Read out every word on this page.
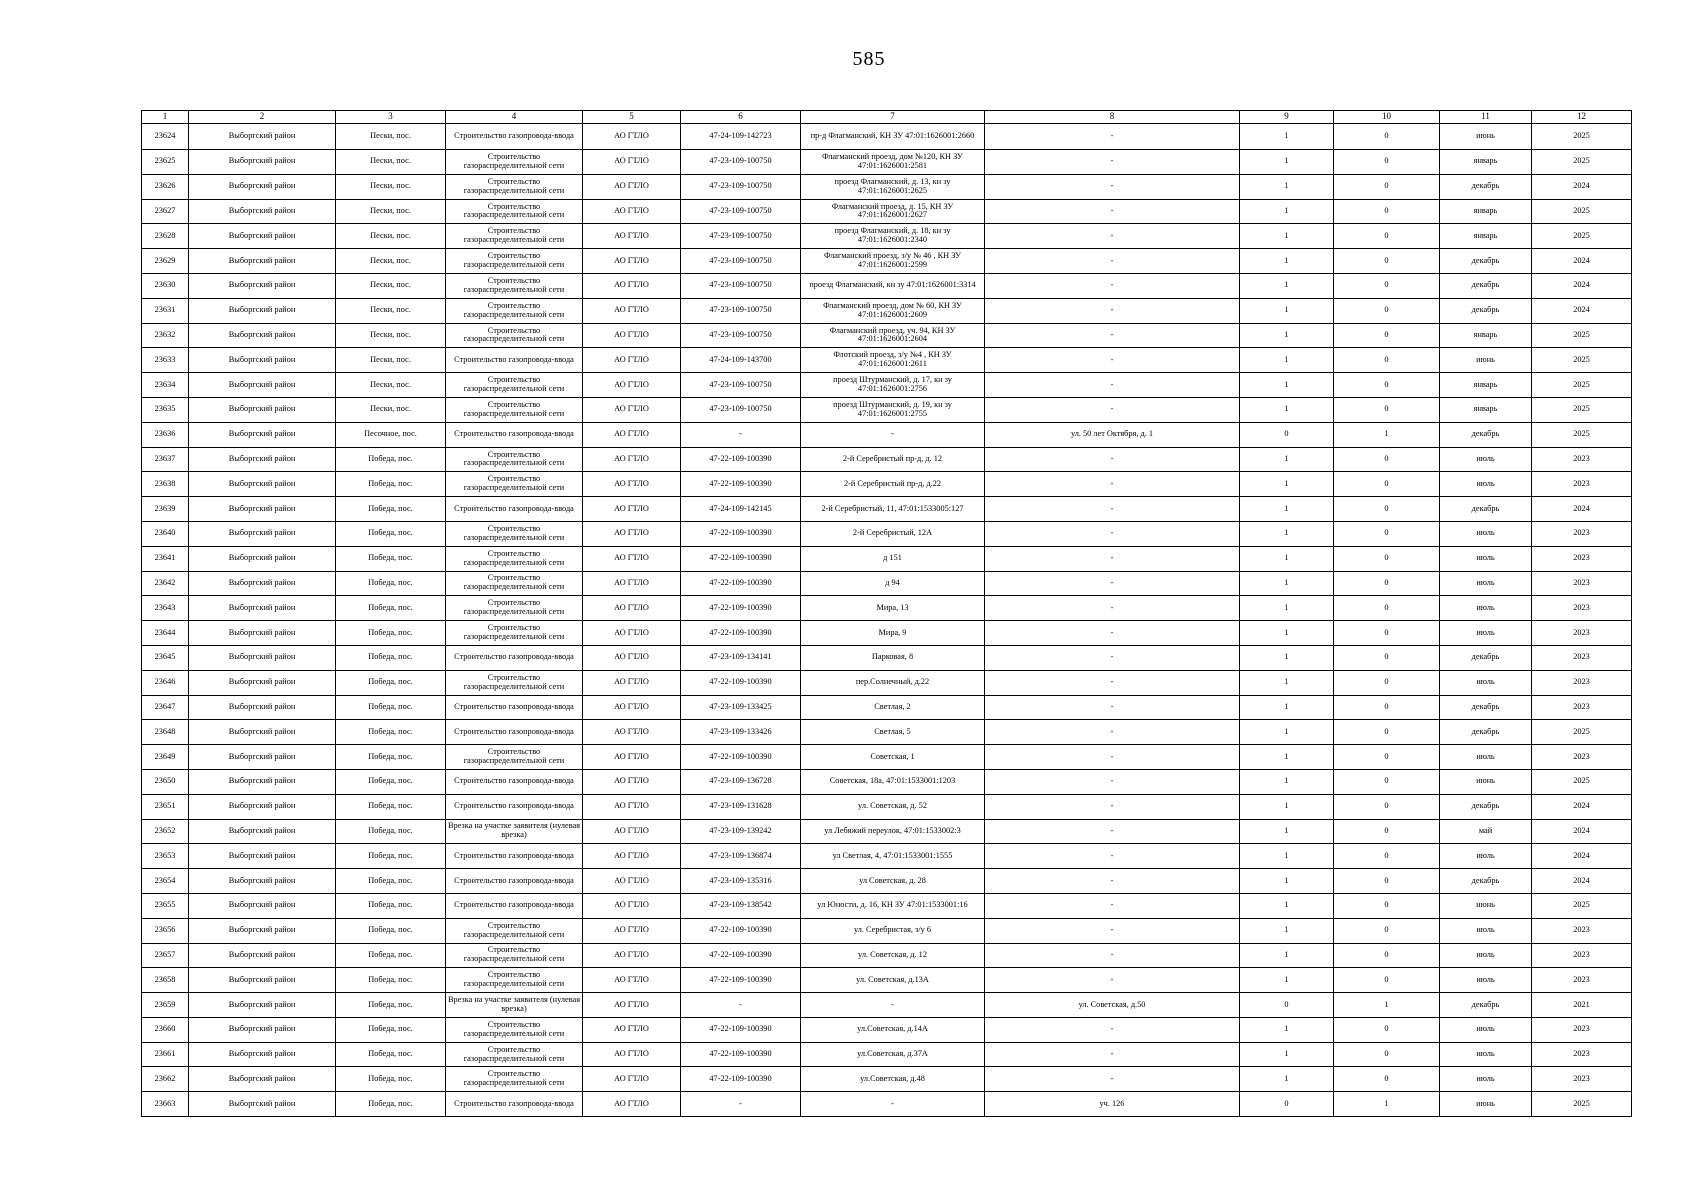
585
1	2	3	4	5	6	7	8	9	10	11	12
23624	Выборгский район	Пески, пос.	Строительство газопровода-ввода	АО ГТЛО	47-24-109-142723	пр-д Флагманский, КН ЗУ 47:01:1626001:2660	-	1	0	июнь	2025
23625	Выборгский район	Пески, пос.	Строительство газораспределительной сети	АО ГТЛО	47-23-109-100750	Флагманский проезд, дом №120, КН ЗУ 47:01:1626001:2581	-	1	0	январь	2025
23626	Выборгский район	Пески, пос.	Строительство газораспределительной сети	АО ГТЛО	47-23-109-100750	проезд Флагманский, д. 13, кн зу 47:01:1626001:2625	-	1	0	декабрь	2024
23627	Выборгский район	Пески, пос.	Строительство газораспределительной сети	АО ГТЛО	47-23-109-100750	Флагманский проезд, д. 15, КН ЗУ 47:01:1626001:2627	-	1	0	январь	2025
23628	Выборгский район	Пески, пос.	Строительство газораспределительной сети	АО ГТЛО	47-23-109-100750	проезд Флагманский, д. 18, кн зу 47:01:1626001:2340	-	1	0	январь	2025
23629	Выборгский район	Пески, пос.	Строительство газораспределительной сети	АО ГТЛО	47-23-109-100750	Флагманский проезд, з/у № 46 , КН ЗУ 47:01:1626001:2599	-	1	0	декабрь	2024
23630	Выборгский район	Пески, пос.	Строительство газораспределительной сети	АО ГТЛО	47-23-109-100750	проезд Флагманский, кн зу 47:01:1626001:3314	-	1	0	декабрь	2024
23631	Выборгский район	Пески, пос.	Строительство газораспределительной сети	АО ГТЛО	47-23-109-100750	Флагманский проезд, дом № 60, КН ЗУ 47:01:1626001:2609	-	1	0	декабрь	2024
23632	Выборгский район	Пески, пос.	Строительство газораспределительной сети	АО ГТЛО	47-23-109-100750	Флагманский проезд, уч. 94, КН ЗУ 47:01:1626001:2604	-	1	0	январь	2025
23633	Выборгский район	Пески, пос.	Строительство газопровода-ввода	АО ГТЛО	47-24-109-143700	Флотский проезд, з/у №4 , КН ЗУ 47:01:1626001:2611	-	1	0	июнь	2025
23634	Выборгский район	Пески, пос.	Строительство газораспределительной сети	АО ГТЛО	47-23-109-100750	проезд Штурманский, д. 17, кн зу 47:01:1626001:2756	-	1	0	январь	2025
23635	Выборгский район	Пески, пос.	Строительство газораспределительной сети	АО ГТЛО	47-23-109-100750	проезд Штурманский, д. 19, кн зу 47:01:1626001:2755	-	1	0	январь	2025
23636	Выборгский район	Песочное, пос.	Строительство газопровода-ввода	АО ГТЛО	-	-	ул. 50 лет Октября, д. 1	0	1	декабрь	2025
23637	Выборгский район	Победа, пос.	Строительство газораспределительной сети	АО ГТЛО	47-22-109-100390	2-й Серебристый пр-д, д. 12	-	1	0	июль	2023
23638	Выборгский район	Победа, пос.	Строительство газораспределительной сети	АО ГТЛО	47-22-109-100390	2-й Серебристый пр-д, д.22	-	1	0	июль	2023
23639	Выборгский район	Победа, пос.	Строительство газопровода-ввода	АО ГТЛО	47-24-109-142145	2-й Серебристый, 11, 47:01:1533005:127	-	1	0	декабрь	2024
23640	Выборгский район	Победа, пос.	Строительство газораспределительной сети	АО ГТЛО	47-22-109-100390	2-й Серебристый, 12А	-	1	0	июль	2023
23641	Выборгский район	Победа, пос.	Строительство газораспределительной сети	АО ГТЛО	47-22-109-100390	д 151	-	1	0	июль	2023
23642	Выборгский район	Победа, пос.	Строительство газораспределительной сети	АО ГТЛО	47-22-109-100390	д 94	-	1	0	июль	2023
23643	Выборгский район	Победа, пос.	Строительство газораспределительной сети	АО ГТЛО	47-22-109-100390	Мира, 13	-	1	0	июль	2023
23644	Выборгский район	Победа, пос.	Строительство газораспределительной сети	АО ГТЛО	47-22-109-100390	Мира, 9	-	1	0	июль	2023
23645	Выборгский район	Победа, пос.	Строительство газопровода-ввода	АО ГТЛО	47-23-109-134141	Парковая, 8	-	1	0	декабрь	2023
23646	Выборгский район	Победа, пос.	Строительство газораспределительной сети	АО ГТЛО	47-22-109-100390	пер.Солнечный, д.22	-	1	0	июль	2023
23647	Выборгский район	Победа, пос.	Строительство газопровода-ввода	АО ГТЛО	47-23-109-133425	Светлая, 2	-	1	0	декабрь	2023
23648	Выборгский район	Победа, пос.	Строительство газопровода-ввода	АО ГТЛО	47-23-109-133426	Светлая, 5	-	1	0	декабрь	2025
23649	Выборгский район	Победа, пос.	Строительство газораспределительной сети	АО ГТЛО	47-22-109-100390	Советская, 1	-	1	0	июль	2023
23650	Выборгский район	Победа, пос.	Строительство газопровода-ввода	АО ГТЛО	47-23-109-136728	Советская, 18а, 47:01:1533001:1203	-	1	0	июнь	2025
23651	Выборгский район	Победа, пос.	Строительство газопровода-ввода	АО ГТЛО	47-23-109-131628	ул. Советская, д. 52	-	1	0	декабрь	2024
23652	Выборгский район	Победа, пос.	Врезка на участке заявителя (нулевая врезка)	АО ГТЛО	47-23-109-139242	ул Лебяжий переулок, 47:01:1533002:3	-	1	0	май	2024
23653	Выборгский район	Победа, пос.	Строительство газопровода-ввода	АО ГТЛО	47-23-109-136874	ул Светлая, 4, 47:01:1533001:1555	-	1	0	июль	2024
23654	Выборгский район	Победа, пос.	Строительство газопровода-ввода	АО ГТЛО	47-23-109-135316	ул Советская, д. 28	-	1	0	декабрь	2024
23655	Выборгский район	Победа, пос.	Строительство газопровода-ввода	АО ГТЛО	47-23-109-138542	ул Юности, д. 16, КН ЗУ 47:01:1533001:16	-	1	0	июнь	2025
23656	Выборгский район	Победа, пос.	Строительство газораспределительной сети	АО ГТЛО	47-22-109-100390	ул. Серебристая, з/у 6	-	1	0	июль	2023
23657	Выборгский район	Победа, пос.	Строительство газораспределительной сети	АО ГТЛО	47-22-109-100390	ул. Советская, д. 12	-	1	0	июль	2023
23658	Выборгский район	Победа, пос.	Строительство газораспределительной сети	АО ГТЛО	47-22-109-100390	ул. Советская, д.13А	-	1	0	июль	2023
23659	Выборгский район	Победа, пос.	Врезка на участке заявителя (нулевая врезка)	АО ГТЛО	-	-	ул. Советская, д.50	0	1	декабрь	2021
23660	Выборгский район	Победа, пос.	Строительство газораспределительной сети	АО ГТЛО	47-22-109-100390	ул.Советская, д.14А	-	1	0	июль	2023
23661	Выборгский район	Победа, пос.	Строительство газораспределительной сети	АО ГТЛО	47-22-109-100390	ул.Советская, д.37А	-	1	0	июль	2023
23662	Выборгский район	Победа, пос.	Строительство газораспределительной сети	АО ГТЛО	47-22-109-100390	ул.Советская, д.48	-	1	0	июль	2023
23663	Выборгский район	Победа, пос.	Строительство газопровода-ввода	АО ГТЛО	-	-	уч. 126	0	1	июнь	2025
